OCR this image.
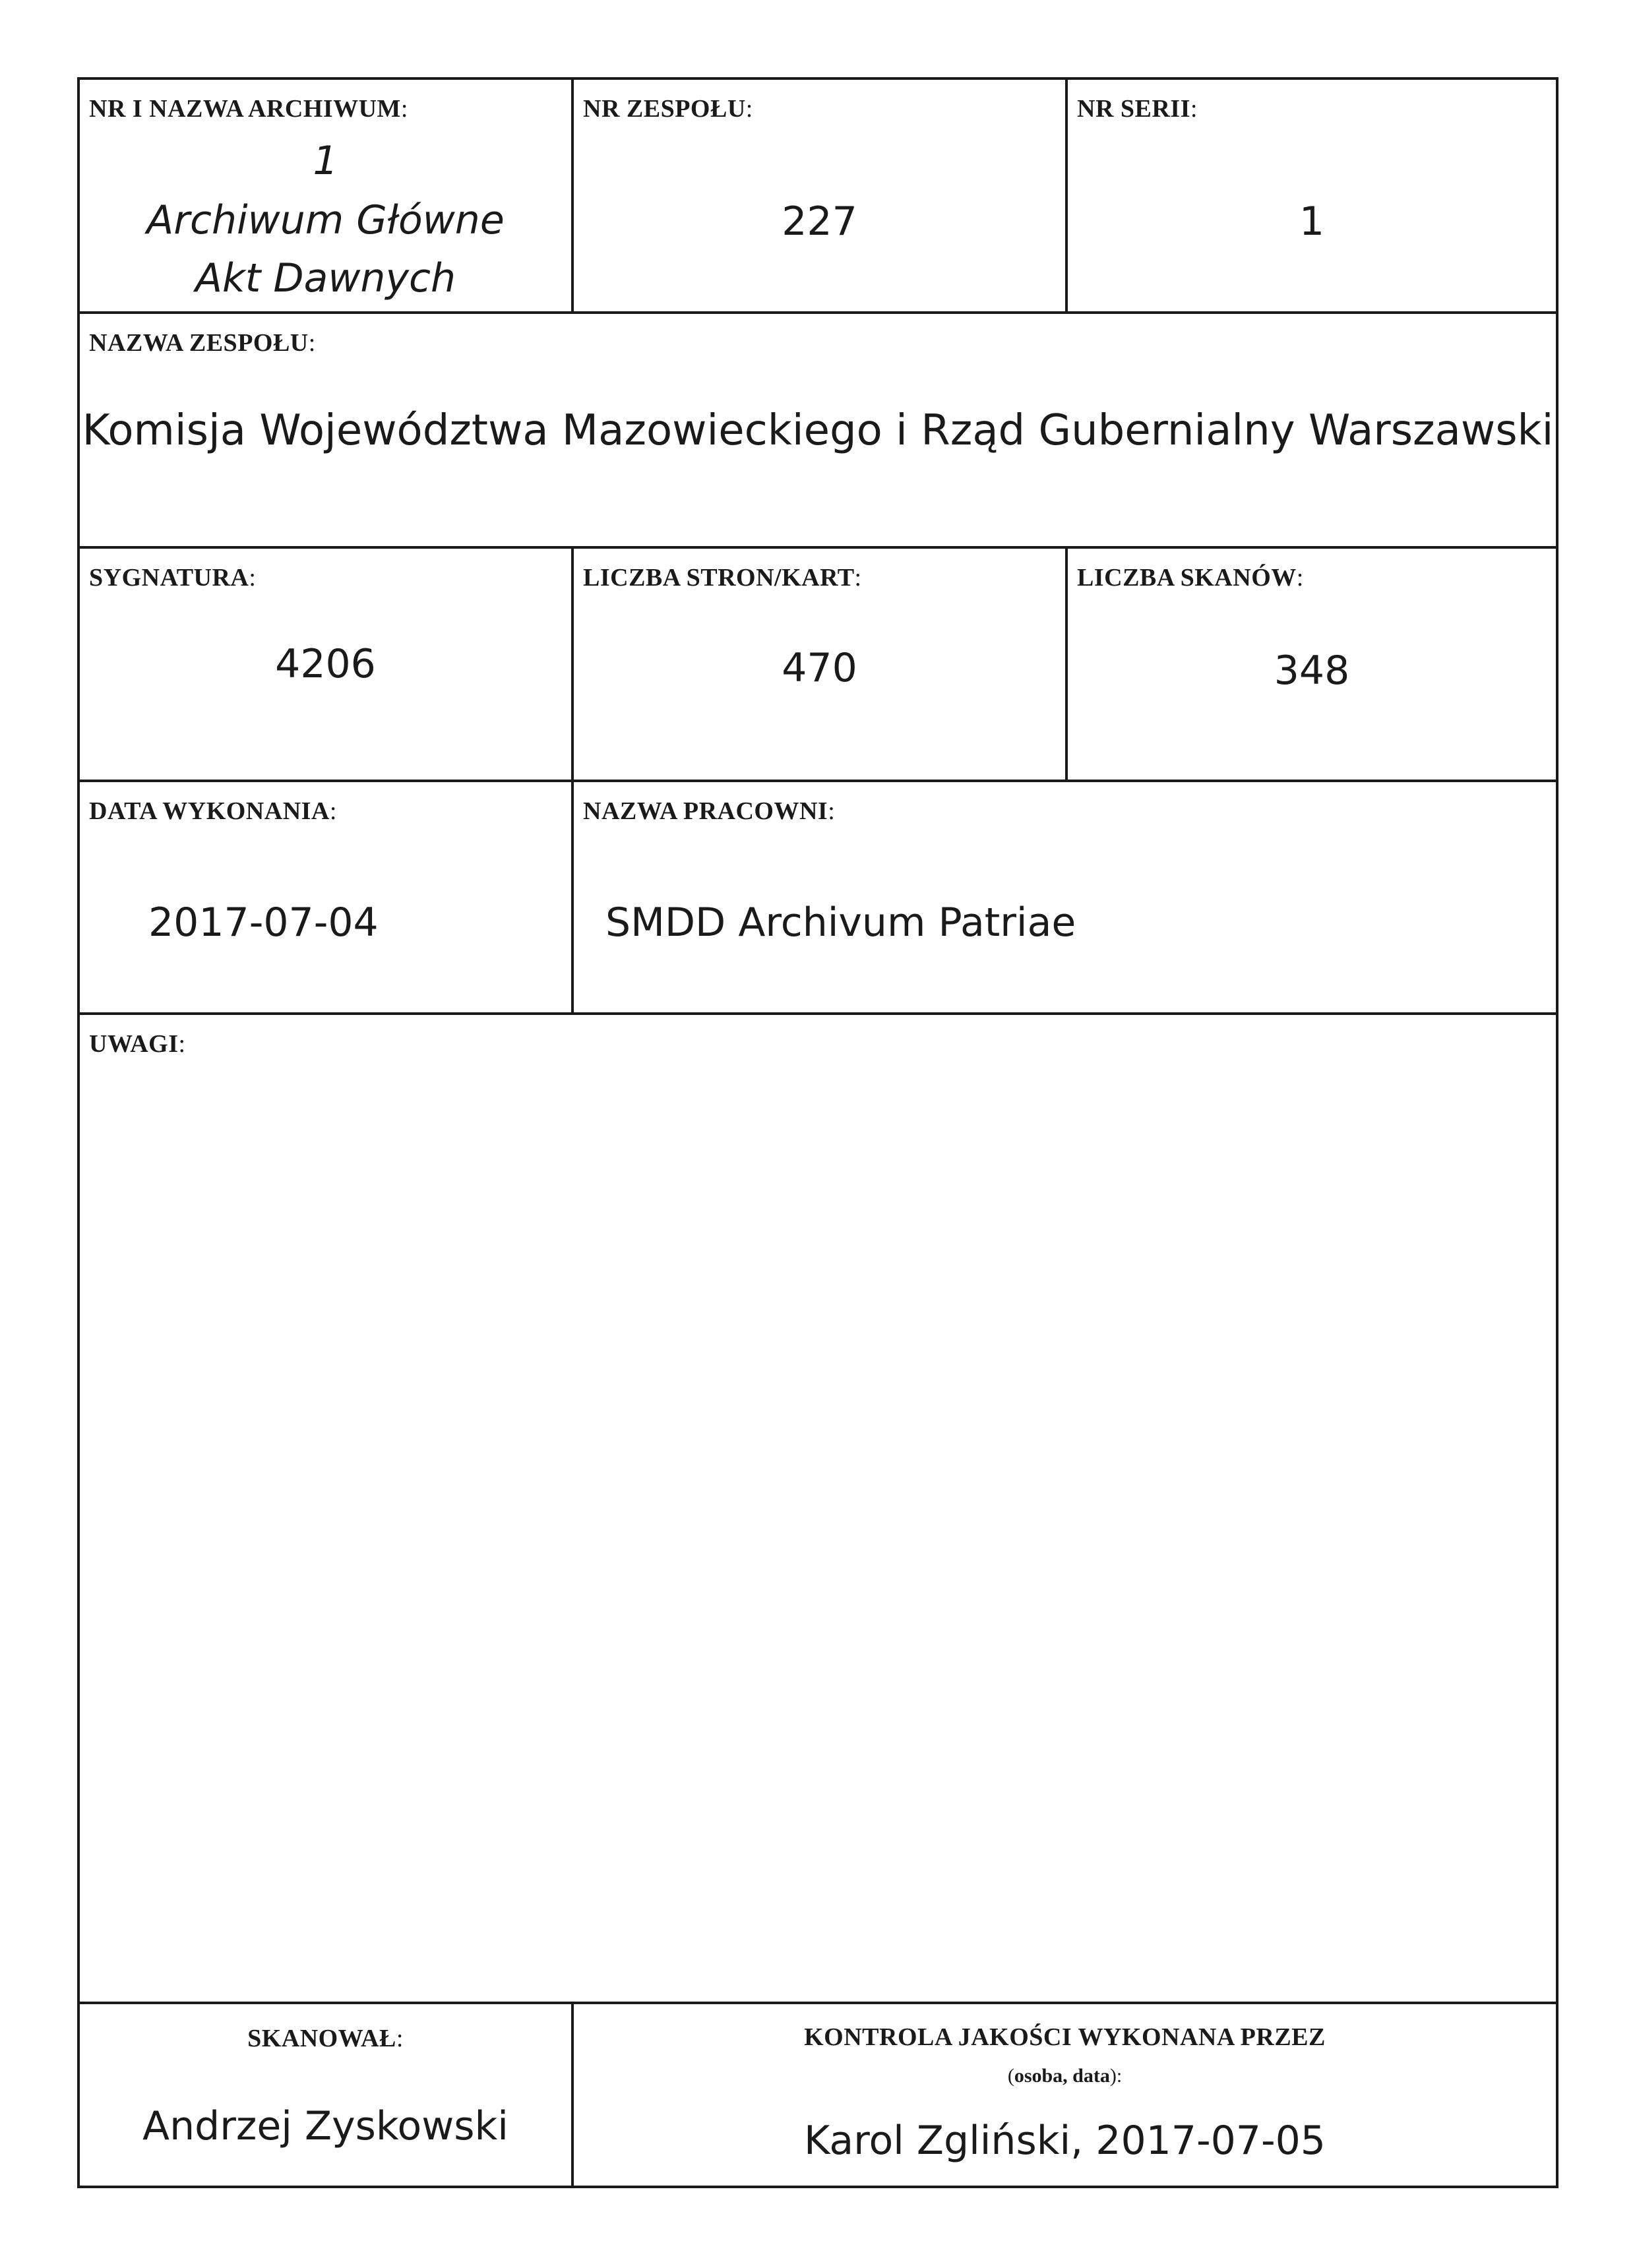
NR I NAZWA ARCHIWUM:
1
Archiwum Główne
Akt Dawnych
NR ZESPOŁU:
227
NR SERII:
1
NAZWA ZESPOŁU:
Komisja Województwa Mazowieckiego i Rząd Gubernialny Warszawski
SYGNATURA:
4206
LICZBA STRON/KART:
470
LICZBA SKANÓW:
348
DATA WYKONANIA:
2017-07-04
NAZWA PRACOWNI:
SMDD Archivum Patriae
UWAGI:
SKANOWAŁ:
Andrzej Zyskowski
KONTROLA JAKOŚCI WYKONANA PRZEZ
(osoba, data):
Karol Zgliński, 2017-07-05
